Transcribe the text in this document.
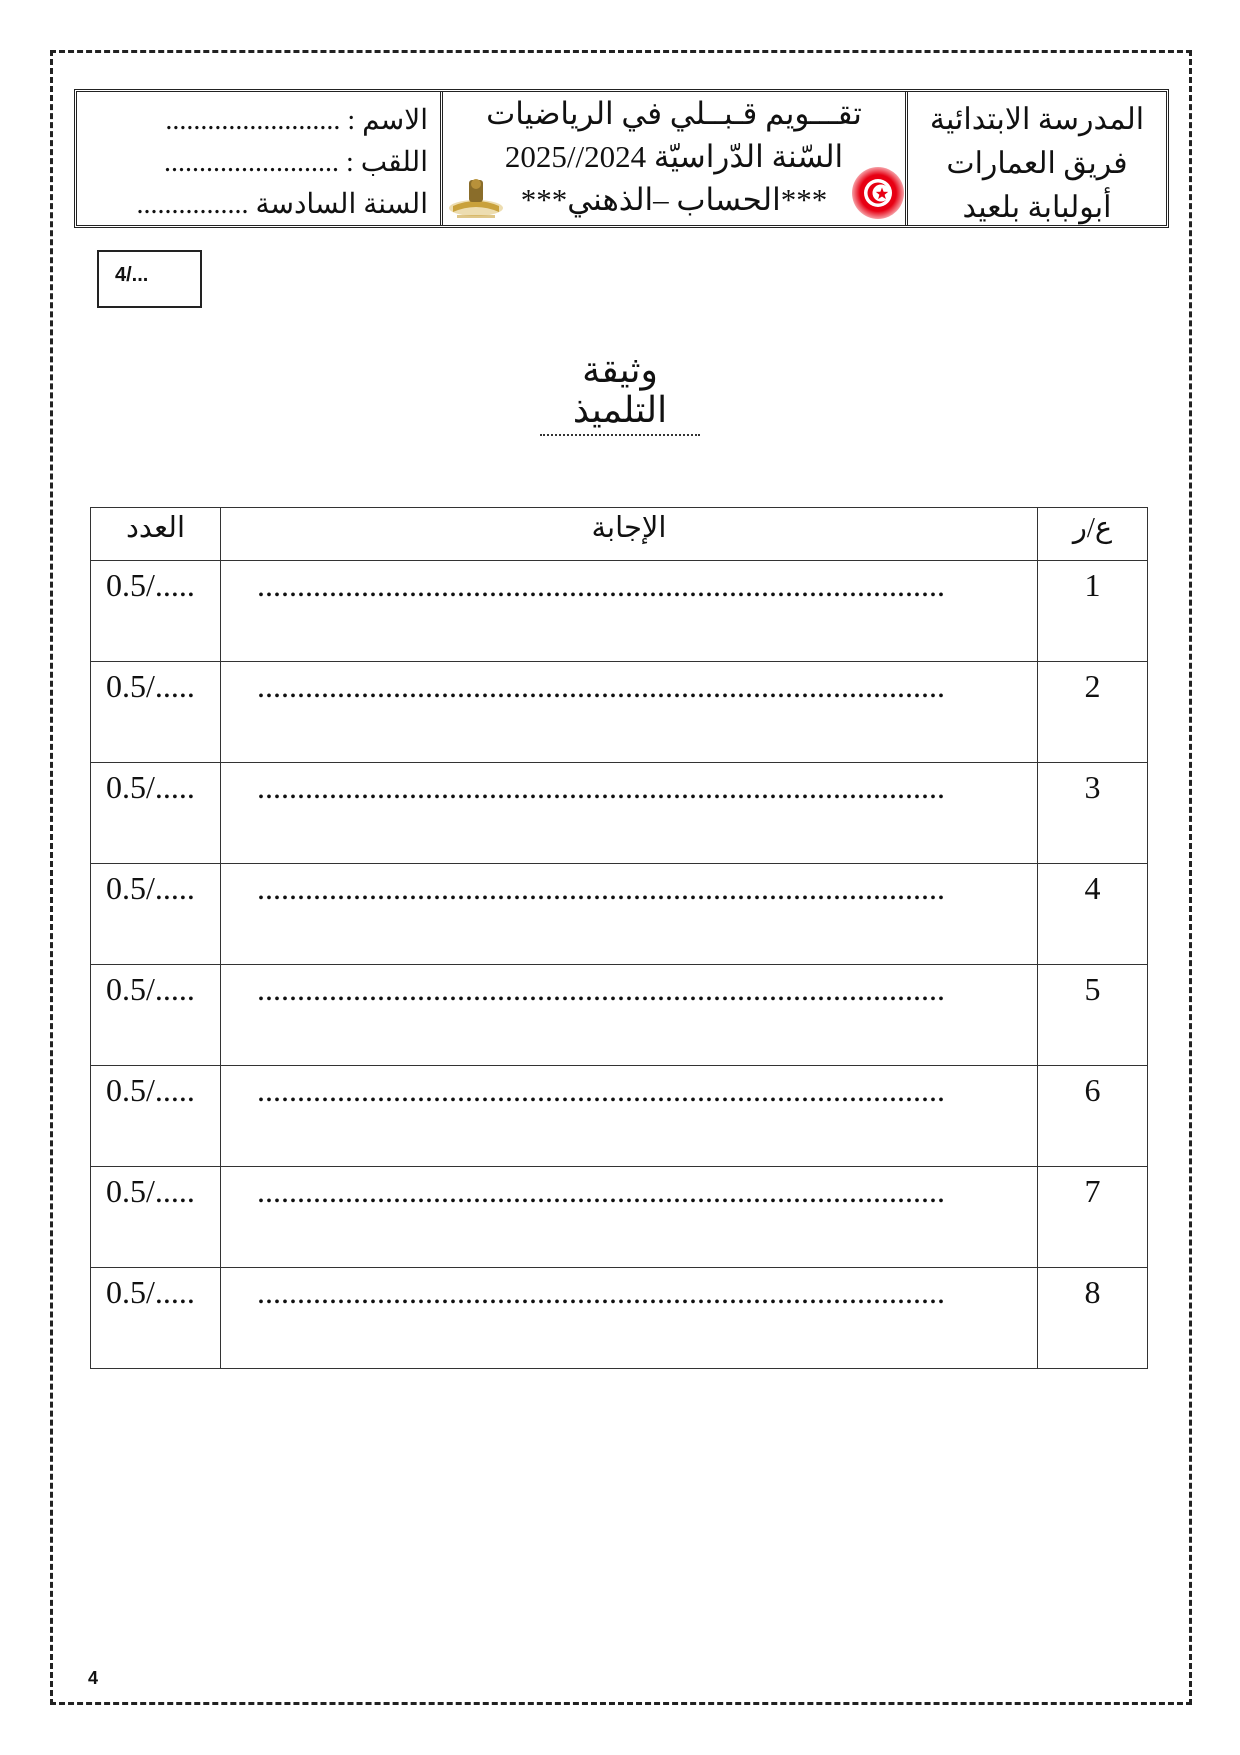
الاسم : .........................
اللقب : .........................
السنة السادسة ................
تقـــويم قـبــلي في الرياضيات
السّنة الدّراسيّة 2024//2025
***الحساب –الذهني***
المدرسة الابتدائية
فريق العمارات
أبولبابة بلعيد
4/...
وثيقة التلميذ
العدد	الإجابة	ع/ر
0.5/.....	......................................................................................	1
0.5/.....	......................................................................................	2
0.5/.....	......................................................................................	3
0.5/.....	......................................................................................	4
0.5/.....	......................................................................................	5
0.5/.....	......................................................................................	6
0.5/.....	......................................................................................	7
0.5/.....	......................................................................................	8
4
